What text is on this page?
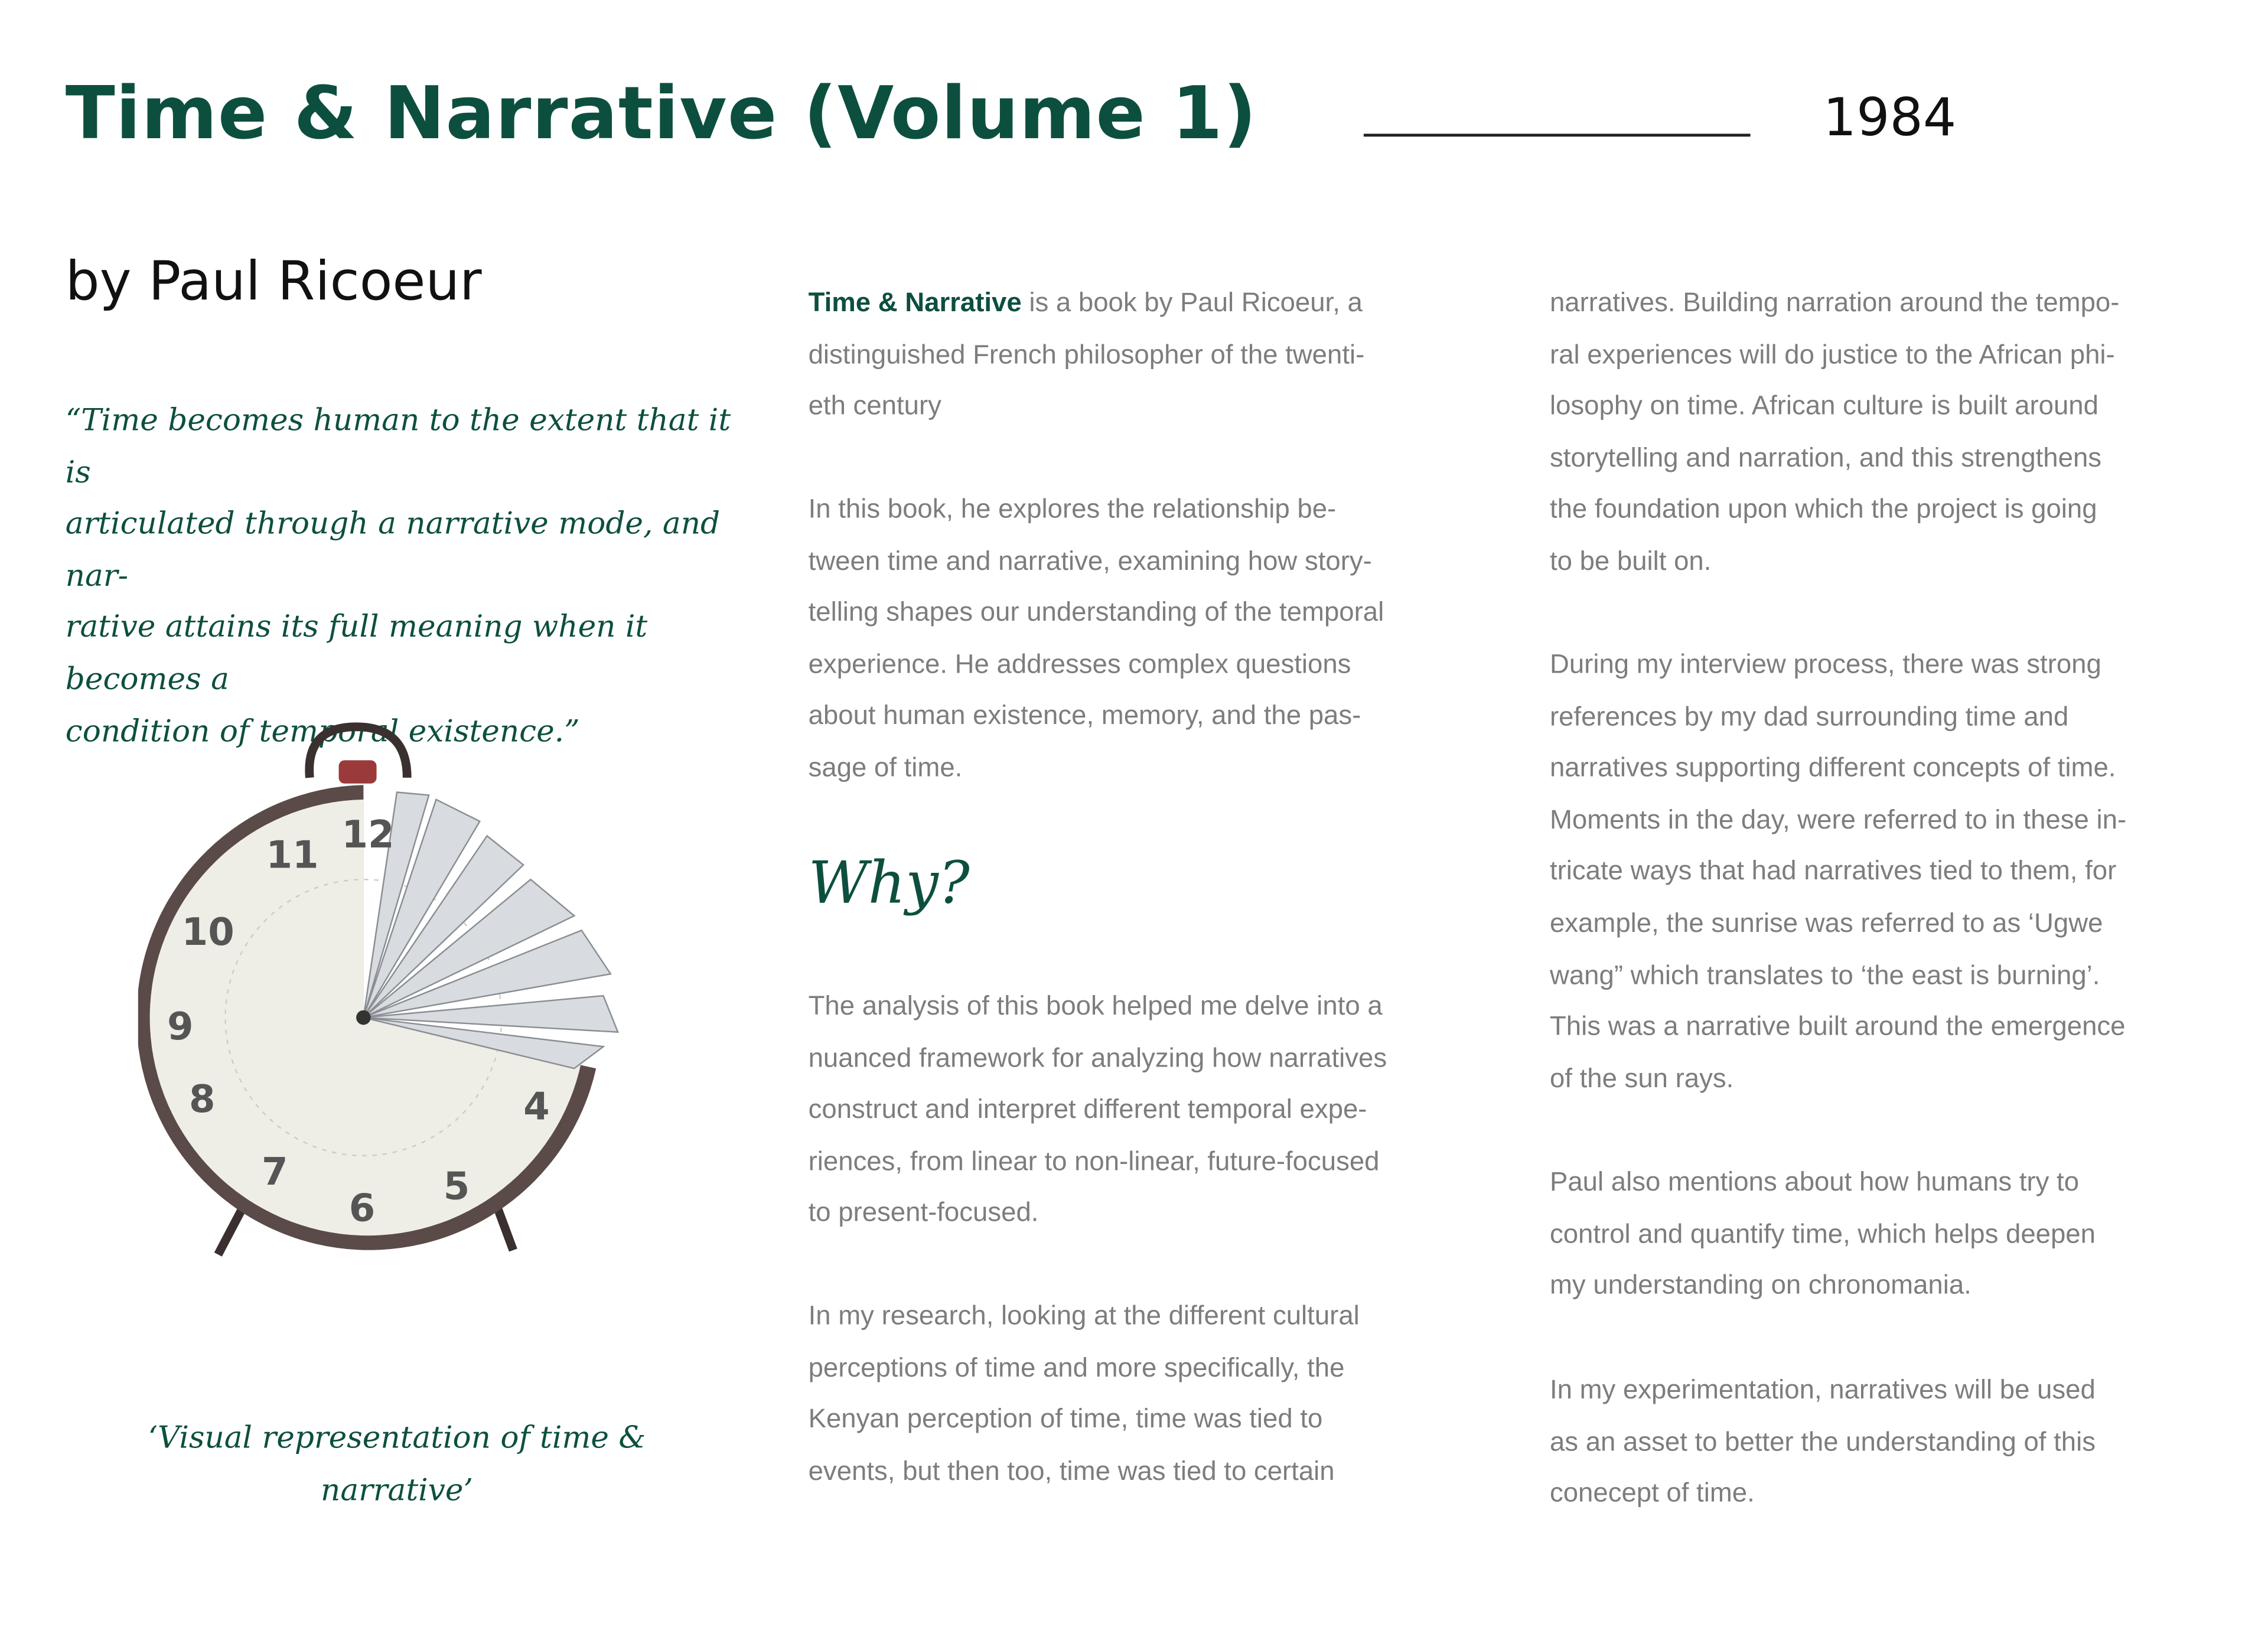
Time & Narrative (Volume 1)	1984
by Paul Ricoeur
“Time becomes human to the extent that it is
articulated through a narrative mode, and nar-
rative attains its full meaning when it becomes a
condition of temporal existence.”
12
11
10
9
8
7
6	5
4
‘Visual representation of time &
narrative’
Time & Narrative is a book by Paul Ricoeur, a
distinguished French philosopher of the twenti-
eth century
In this book, he explores the relationship be-
tween time and narrative, examining how story-
telling shapes our understanding of the temporal
experience. He addresses complex questions
about human existence, memory, and the pas-
sage of time.
Why?
The analysis of this book helped me delve into a
nuanced framework for analyzing how narratives
construct and interpret different temporal expe-
riences, from linear to non-linear, future-focused
to present-focused.
In my research, looking at the different cultural
perceptions of time and more specifically, the
Kenyan perception of time, time was tied to
events, but then too, time was tied to certain
narratives. Building narration around the tempo-
ral experiences will do justice to the African phi-
losophy on time. African culture is built around
storytelling and narration, and this strengthens
the foundation upon which the project is going
to be built on.
During my interview process, there was strong
references by my dad surrounding time and
narratives supporting different concepts of time.
Moments in the day, were referred to in these in-
tricate ways that had narratives tied to them, for
example, the sunrise was referred to as ‘Ugwe
wang” which translates to ‘the east is burning’.
This was a narrative built around the emergence
of the sun rays.
Paul also mentions about how humans try to
control and quantify time, which helps deepen
my understanding on chronomania.
In my experimentation, narratives will be used
as an asset to better the understanding of this
conecept of time.
